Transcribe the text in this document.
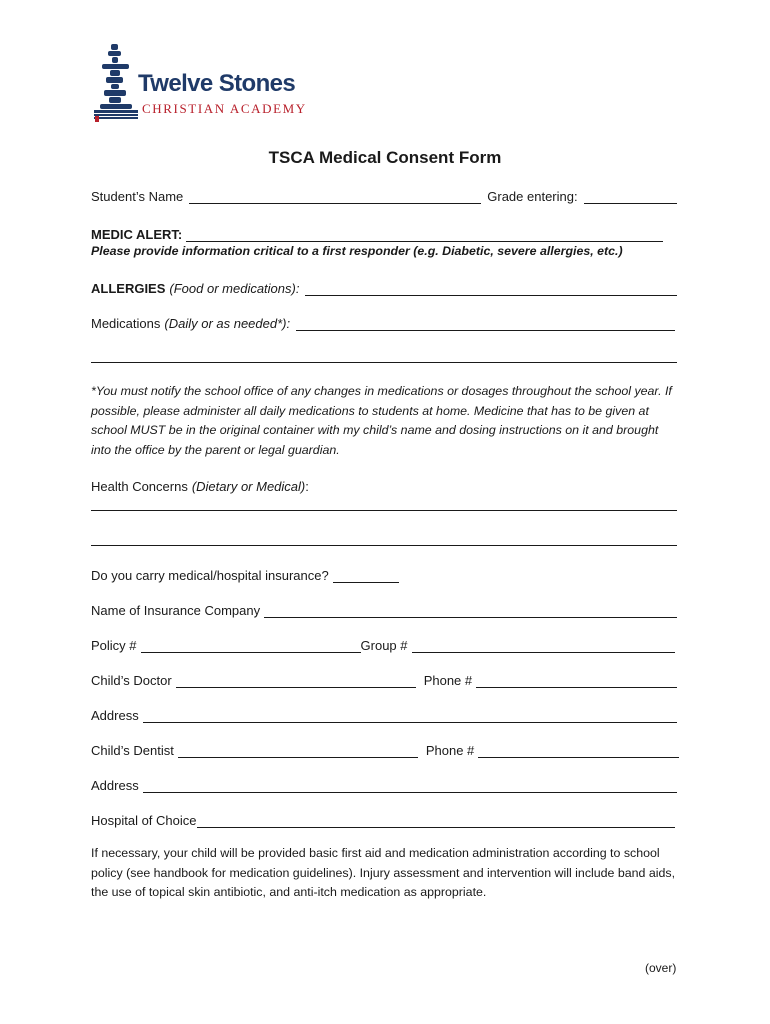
Twelve Stones
CHRISTIAN ACADEMY
TSCA Medical Consent Form
Student’s Name	Grade entering:
MEDIC ALERT:
Please provide information critical to a first responder (e.g. Diabetic, severe allergies, etc.)
ALLERGIES (Food or medications):
Medications (Daily or as needed*):
*You must notify the school office of any changes in medications or dosages throughout the school year. If possible, please administer all daily medications to students at home. Medicine that has to be given at school MUST be in the original container with my child’s name and dosing instructions on it and brought into the office by the parent or legal guardian.
Health Concerns (Dietary or Medical) :
Do you carry medical/hospital insurance?
Name of Insurance Company
Policy #	Group #
Child’s Doctor	Phone #
Address
Child’s Dentist	Phone #
Address
Hospital of Choice
If necessary, your child will be provided basic first aid and medication administration according to school policy (see handbook for medication guidelines). Injury assessment and intervention will include band aids, the use of topical skin antibiotic, and anti-itch medication as appropriate.
(over)
